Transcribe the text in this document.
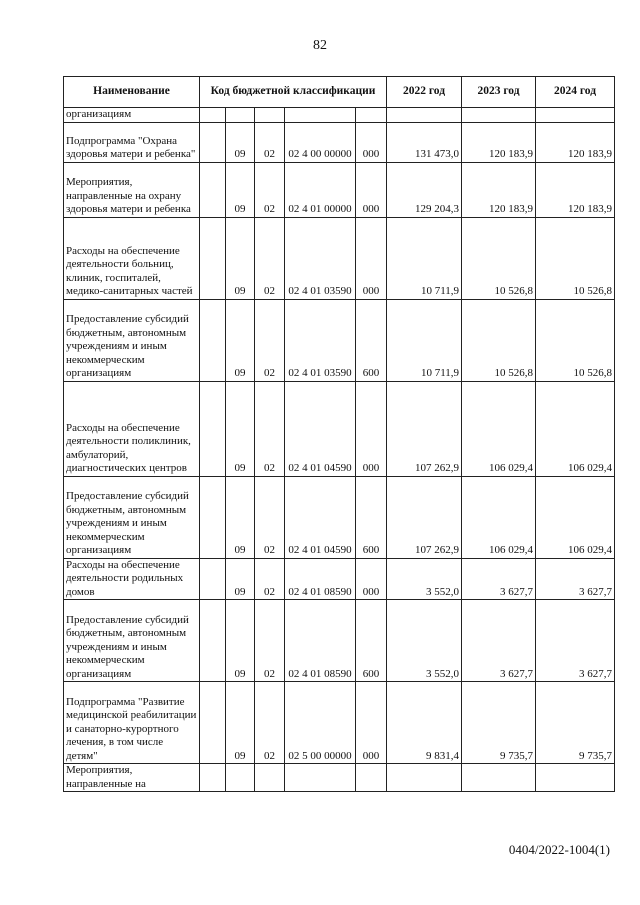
82
Наименование	Код бюджетной классификации					2022 год	2023 год	2024 год
организациям								
Подпрограмма "Охрана здоровья матери и ребенка"		09	02	02 4 00 00000	000	131 473,0	120 183,9	120 183,9
Мероприятия, направленные на охрану здоровья матери и ребенка		09	02	02 4 01 00000	000	129 204,3	120 183,9	120 183,9
Расходы на обеспечение деятельности больниц, клиник, госпиталей, медико-санитарных частей		09	02	02 4 01 03590	000	10 711,9	10 526,8	10 526,8
Предоставление субсидий бюджетным, автономным учреждениям и иным некоммерческим организациям		09	02	02 4 01 03590	600	10 711,9	10 526,8	10 526,8
Расходы на обеспечение деятельности поликлиник, амбулаторий, диагностических центров		09	02	02 4 01 04590	000	107 262,9	106 029,4	106 029,4
Предоставление субсидий бюджетным, автономным учреждениям и иным некоммерческим организациям		09	02	02 4 01 04590	600	107 262,9	106 029,4	106 029,4
Расходы на обеспечение деятельности родильных домов		09	02	02 4 01 08590	000	3 552,0	3 627,7	3 627,7
Предоставление субсидий бюджетным, автономным учреждениям и иным некоммерческим организациям		09	02	02 4 01 08590	600	3 552,0	3 627,7	3 627,7
Подпрограмма "Развитие медицинской реабилитации и санаторно-курортного лечения, в том числе детям"		09	02	02 5 00 00000	000	9 831,4	9 735,7	9 735,7
Мероприятия, направленные на								
0404/2022-1004(1)
